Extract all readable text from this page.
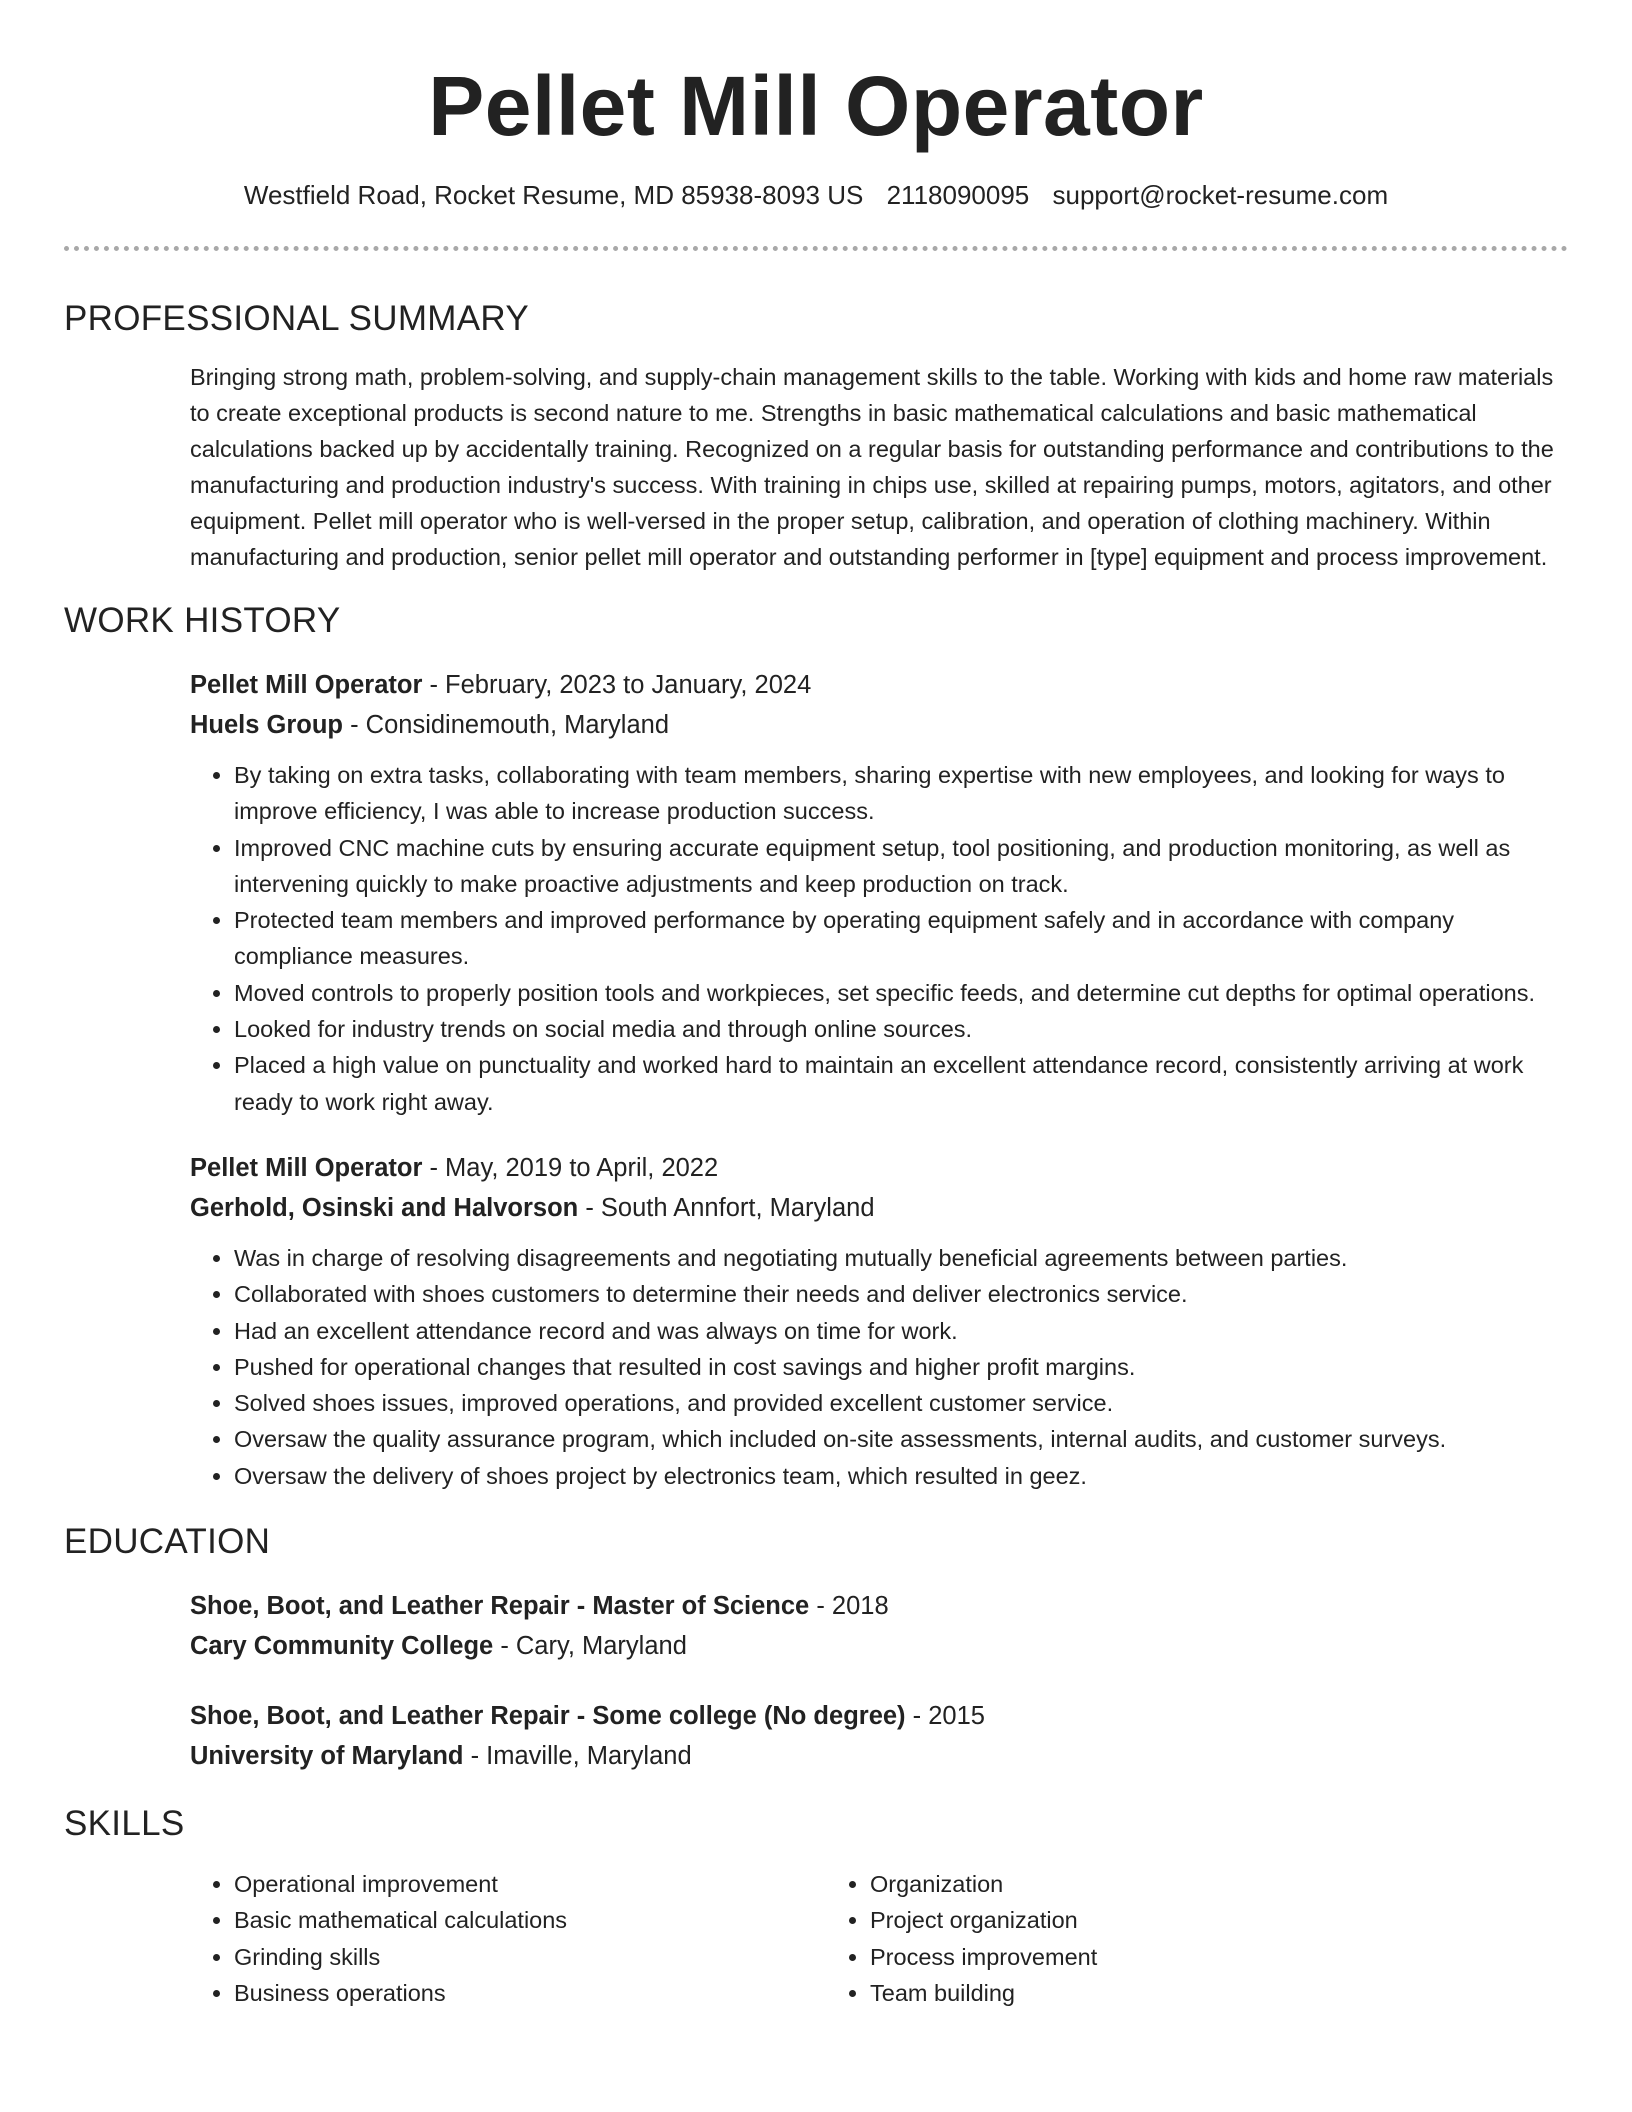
Pellet Mill Operator
Westfield Road, Rocket Resume, MD 85938-8093 US 2118090095 support@rocket-resume.com
PROFESSIONAL SUMMARY
Bringing strong math, problem-solving, and supply-chain management skills to the table. Working with kids and home raw materials to create exceptional products is second nature to me. Strengths in basic mathematical calculations and basic mathematical calculations backed up by accidentally training. Recognized on a regular basis for outstanding performance and contributions to the manufacturing and production industry's success. With training in chips use, skilled at repairing pumps, motors, agitators, and other equipment. Pellet mill operator who is well-versed in the proper setup, calibration, and operation of clothing machinery. Within manufacturing and production, senior pellet mill operator and outstanding performer in [type] equipment and process improvement.
WORK HISTORY
Pellet Mill Operator - February, 2023 to January, 2024
Huels Group - Considinemouth, Maryland
• By taking on extra tasks, collaborating with team members, sharing expertise with new employees, and looking for ways to improve efficiency, I was able to increase production success.
• Improved CNC machine cuts by ensuring accurate equipment setup, tool positioning, and production monitoring, as well as intervening quickly to make proactive adjustments and keep production on track.
• Protected team members and improved performance by operating equipment safely and in accordance with company compliance measures.
• Moved controls to properly position tools and workpieces, set specific feeds, and determine cut depths for optimal operations.
• Looked for industry trends on social media and through online sources.
• Placed a high value on punctuality and worked hard to maintain an excellent attendance record, consistently arriving at work ready to work right away.
Pellet Mill Operator - May, 2019 to April, 2022
Gerhold, Osinski and Halvorson - South Annfort, Maryland
• Was in charge of resolving disagreements and negotiating mutually beneficial agreements between parties.
• Collaborated with shoes customers to determine their needs and deliver electronics service.
• Had an excellent attendance record and was always on time for work.
• Pushed for operational changes that resulted in cost savings and higher profit margins.
• Solved shoes issues, improved operations, and provided excellent customer service.
• Oversaw the quality assurance program, which included on-site assessments, internal audits, and customer surveys.
• Oversaw the delivery of shoes project by electronics team, which resulted in geez.
EDUCATION
Shoe, Boot, and Leather Repair - Master of Science - 2018
Cary Community College - Cary, Maryland
Shoe, Boot, and Leather Repair - Some college (No degree) - 2015
University of Maryland - Imaville, Maryland
SKILLS
• Operational improvement
• Basic mathematical calculations
• Grinding skills
• Business operations
• Organization
• Project organization
• Process improvement
• Team building
